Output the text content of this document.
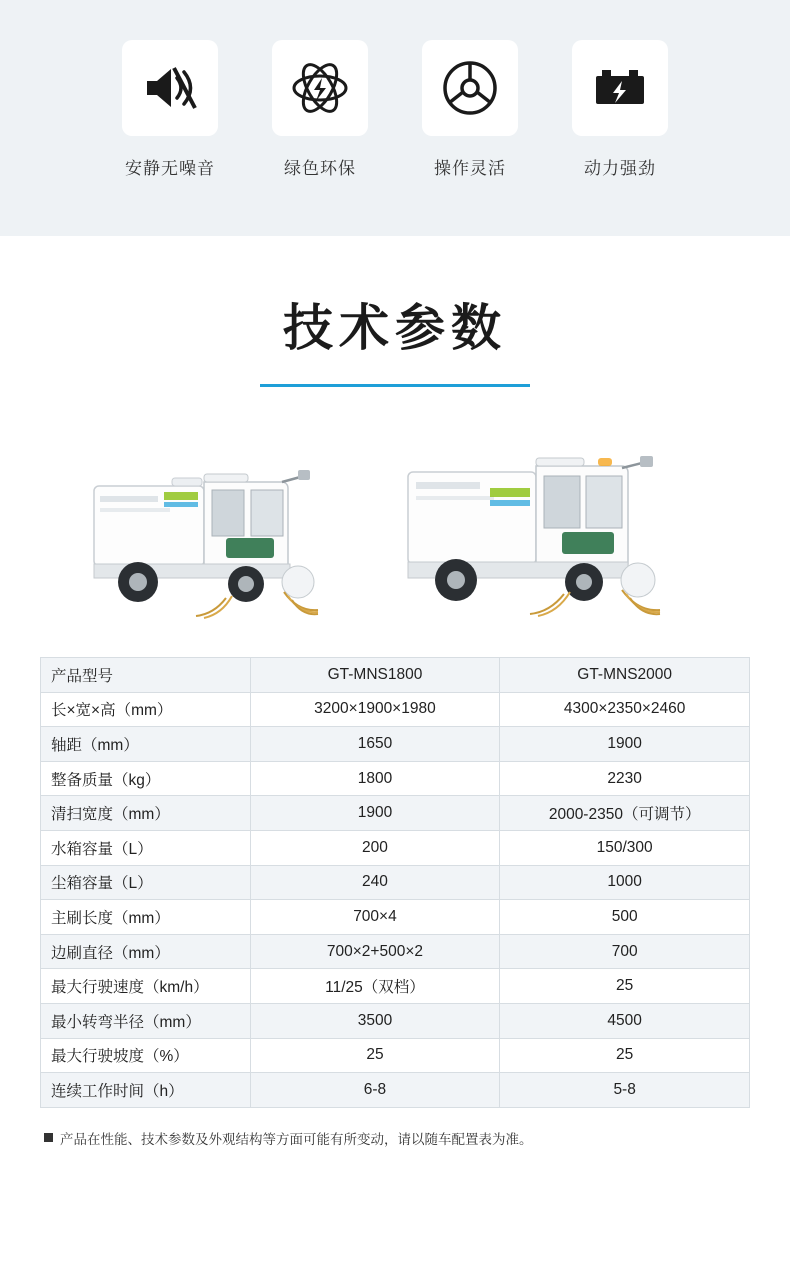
安静无噪音	绿色环保	操作灵活	动力强劲
技术参数
产品型号	GT-MNS1800	GT-MNS2000
长×宽×高（mm）	3200×1900×1980	4300×2350×2460
轴距（mm）	1650	1900
整备质量（kg）	1800	2230
清扫宽度（mm）	1900	2000-2350（可调节）
水箱容量（L）	200	150/300
尘箱容量（L）	240	1000
主刷长度（mm）	700×4	500
边刷直径（mm）	700×2+500×2	700
最大行驶速度（km/h）	11/25（双档）	25
最小转弯半径（mm）	3500	4500
最大行驶坡度（%）	25	25
连续工作时间（h）	6-8	5-8
产品在性能、技术参数及外观结构等方面可能有所变动，请以随车配置表为准。
